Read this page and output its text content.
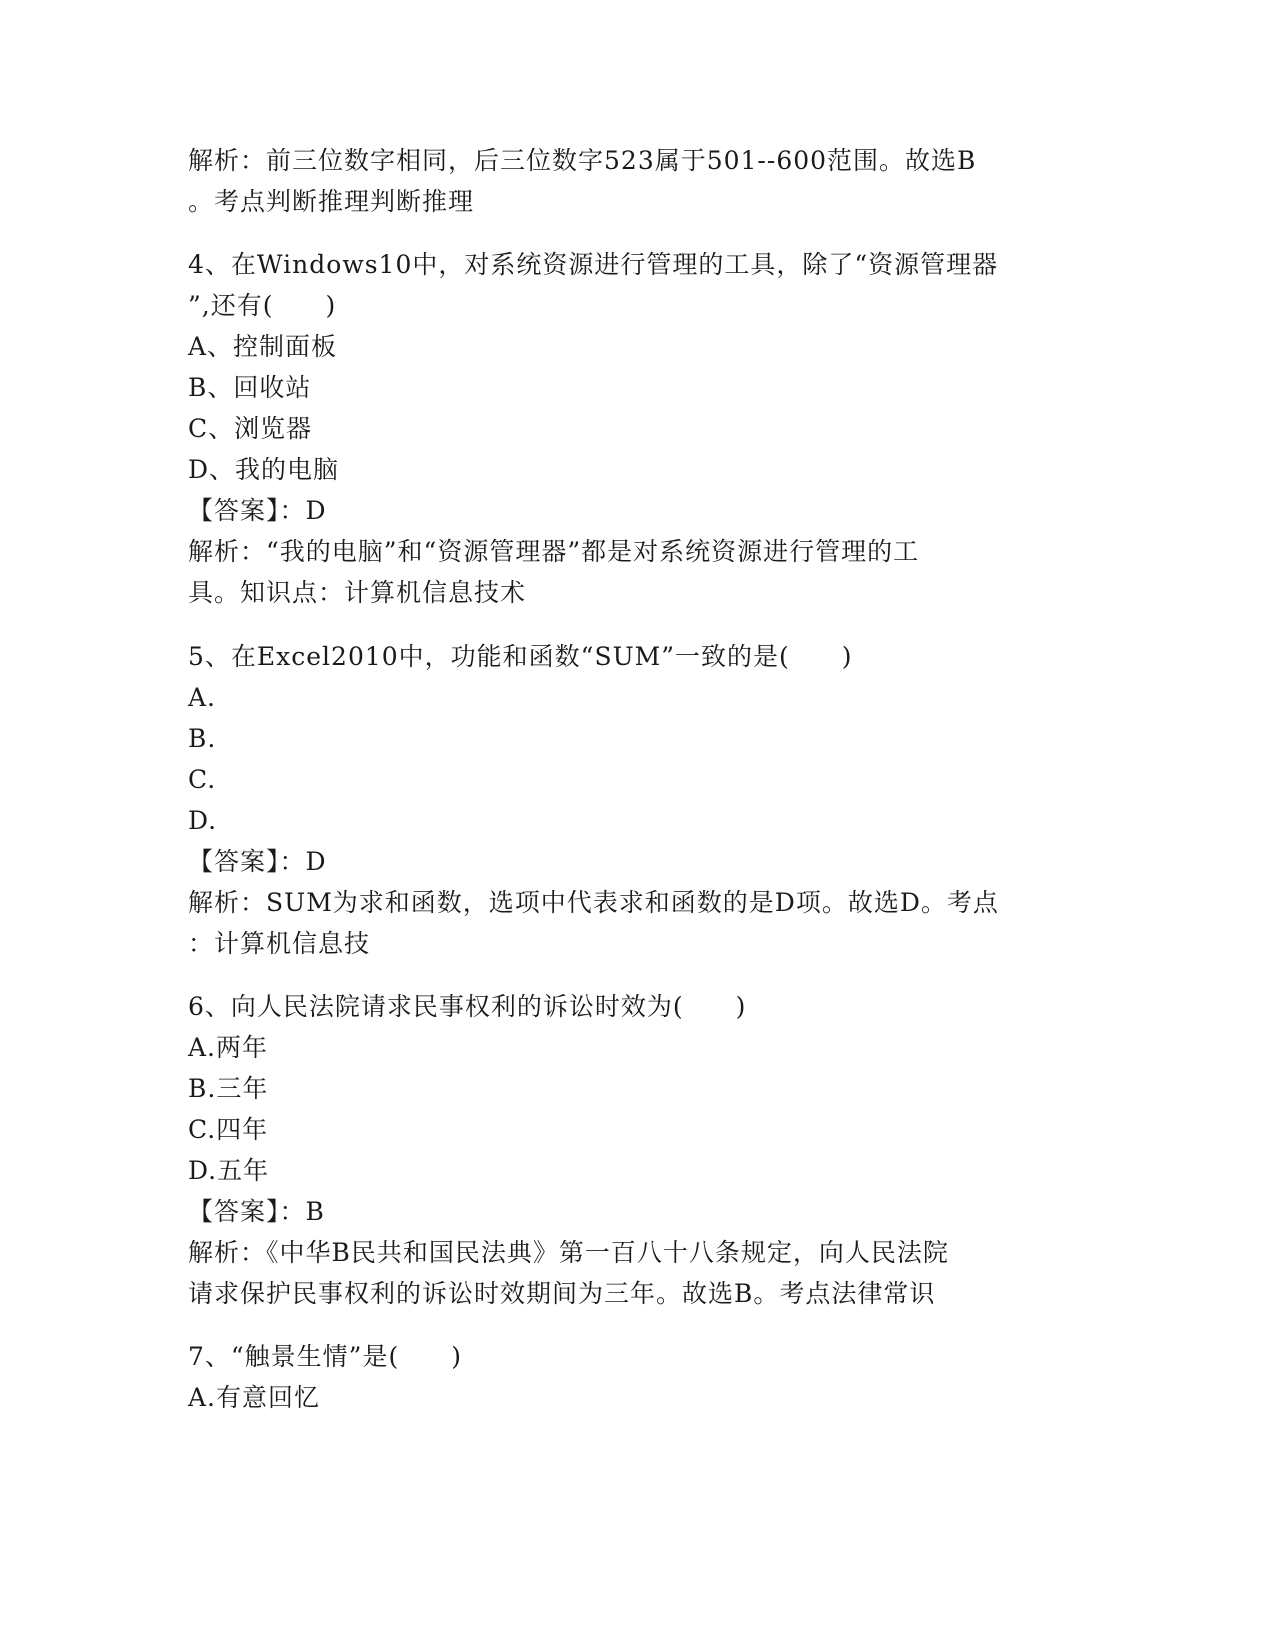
解析：前三位数字相同，后三位数字523属于501--600范围。故选B
。考点判断推理判断推理
4、在Windows10中，对系统资源进行管理的工具，除了“资源管理器
”,还有(　　)
A、控制面板
B、回收站
C、浏览器
D、我的电脑
【答案】：D
解析：“我的电脑”和“资源管理器”都是对系统资源进行管理的工
具。知识点：计算机信息技术
5、在Excel2010中，功能和函数“SUM”一致的是(　　)
A.
B.
C.
D.
【答案】：D
解析：SUM为求和函数，选项中代表求和函数的是D项。故选D。考点
：计算机信息技
6、向人民法院请求民事权利的诉讼时效为(　　)
A.两年
B.三年
C.四年
D.五年
【答案】：B
解析：《中华B民共和国民法典》第一百八十八条规定，向人民法院
请求保护民事权利的诉讼时效期间为三年。故选B。考点法律常识
7、“触景生情”是(　　)
A.有意回忆
